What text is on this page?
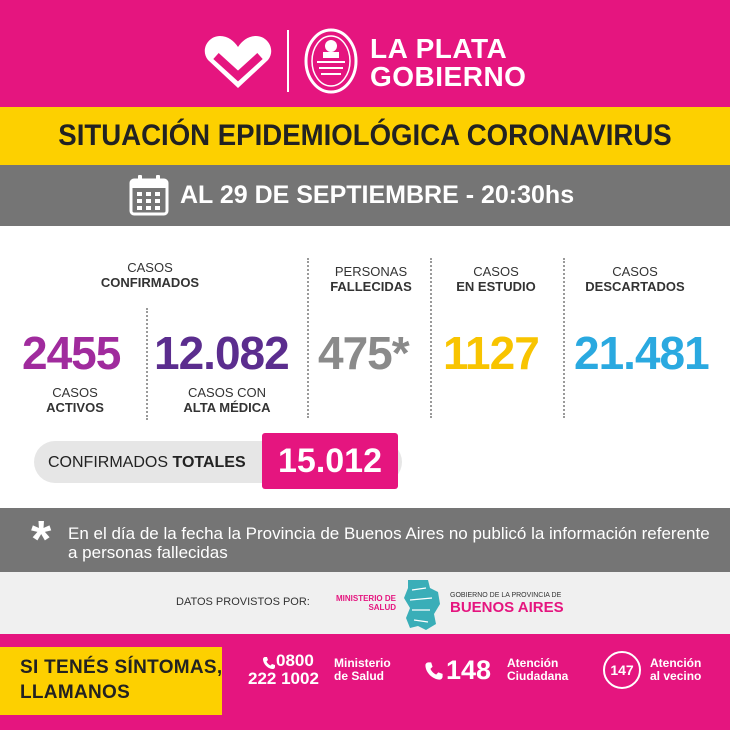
LA PLATA
GOBIERNO
SITUACIÓN EPIDEMIOLÓGICA CORONAVIRUS
AL 29 DE SEPTIEMBRE - 20:30hs
CASOS
CONFIRMADOS
2455
CASOS
ACTIVOS
12.082
CASOS CON
ALTA MÉDICA
PERSONAS
FALLECIDAS
475*
CASOS
EN ESTUDIO
1127
CASOS
DESCARTADOS
21.481
CONFIRMADOS TOTALES 15.012
* En el día de la fecha la Provincia de Buenos Aires no publicó la información referente a personas fallecidas
DATOS PROVISTOS POR:	MINISTERIO DE
SALUD
GOBIERNO DE LA PROVINCIA DE
BUENOS AIRES
SI TENÉS SÍNTOMAS,
LLAMANOS
0800
222 1002
Ministerio
de Salud 148 Atención
Ciudadana	147	Atención
al vecino
